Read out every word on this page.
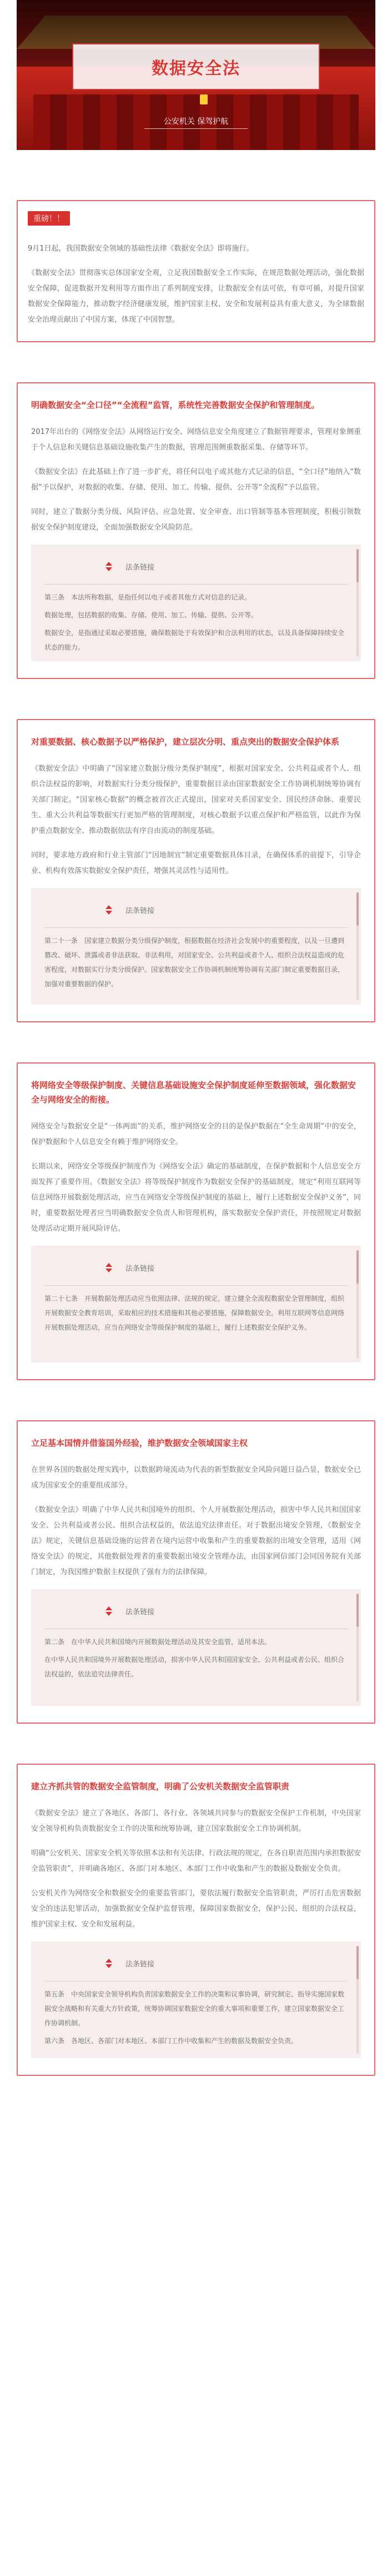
数据安全法
公安机关 保驾护航
重磅！！

9月1日起，我国数据安全领域的基础性法律《数据安全法》即将施行。

《数据安全法》贯彻落实总体国家安全观，立足我国数据安全工作实际，在规范数据处理活动，强化数据安全保障，促进数据开发利用等方面作出了系列制度安排，让数据安全有法可依，有章可循，对提升国家数据安全保障能力，推动数字经济健康发展，维护国家主权、安全和发展利益具有重大意义，为全球数据安全治理贡献出了中国方案，体现了中国智慧。

明确数据安全“全口径”“全流程”监管，系统性完善数据安全保护和管理制度。

2017年出台的《网络安全法》从网络运行安全、网络信息安全角度建立了数据管理要求，管理对象侧重于个人信息和关键信息基础设施收集产生的数据，管理范围侧重数据采集、存储等环节。

《数据安全法》在此基础上作了进一步扩充，将任何以电子或其他方式记录的信息，“全口径”地纳入“数据”予以保护，对数据的收集、存储、使用、加工、传输、提供、公开等“全流程”予以监管。

同时，建立了数据分类分级、风险评估、应急处置、安全审查、出口管制等基本管理制度，积极引领数据安全保护制度建设，全面加强数据安全风险防范。

法条链接

第三条　本法所称数据，是指任何以电子或者其他方式对信息的记录。

数据处理，包括数据的收集、存储、使用、加工、传输、提供、公开等。

数据安全，是指通过采取必要措施，确保数据处于有效保护和合法利用的状态，以及具备保障持续安全状态的能力。

对重要数据、核心数据予以严格保护，建立层次分明、重点突出的数据安全保护体系

《数据安全法》中明确了“国家建立数据分级分类保护制度”，根据对国家安全、公共利益或者个人、组织合法权益的影响，对数据实行分类分级保护，重要数据目录由国家数据安全工作协调机制统筹协调有关部门制定。“国家核心数据”的概念被首次正式提出，国家对关系国家安全、国民经济命脉、重要民生、重大公共利益等数据实行更加严格的管理制度，对核心数据予以重点保护和严格监管，以此作为保护重点数据安全、推动数据依法有序自由流动的制度基础。

同时，要求地方政府和行业主管部门“因地制宜”制定重要数据具体目录，在确保体系的前提下，引导企业、机构有效落实数据安全保护责任，增强其灵活性与适用性。

法条链接

第二十一条　国家建立数据分类分级保护制度，根据数据在经济社会发展中的重要程度，以及一旦遭到篡改、破坏、泄露或者非法获取、非法利用，对国家安全、公共利益或者个人、组织合法权益造成的危害程度，对数据实行分类分级保护。国家数据安全工作协调机制统筹协调有关部门制定重要数据目录，加强对重要数据的保护。

将网络安全等级保护制度、关键信息基础设施安全保护制度延伸至数据领域，强化数据安全与网络安全的衔接。

网络安全与数据安全是“一体两面”的关系，维护网络安全的目的是保护数据在“全生命周期”中的安全，保护数据和个人信息安全有赖于维护网络安全。

长期以来，网络安全等级保护制度作为《网络安全法》确定的基础制度，在保护数据和个人信息安全方面发挥了重要作用。《数据安全法》将等级保护制度作为数据安全保护的基础制度，规定“利用互联网等信息网络开展数据处理活动，应当在网络安全等级保护制度的基础上，履行上述数据安全保护义务”，同时，重要数据处理者应当明确数据安全负责人和管理机构，落实数据安全保护责任，并按照规定对数据处理活动定期开展风险评估。

法条链接

第二十七条　开展数据处理活动应当依照法律、法规的规定，建立健全全流程数据安全管理制度，组织开展数据安全教育培训，采取相应的技术措施和其他必要措施，保障数据安全。利用互联网等信息网络开展数据处理活动，应当在网络安全等级保护制度的基础上，履行上述数据安全保护义务。

立足基本国情并借鉴国外经验，维护数据安全领域国家主权

在世界各国的数据处理实践中，以数据跨境流动为代表的新型数据安全风险问题日益凸显，数据安全已成为国家安全的重要组成部分。

《数据安全法》明确了中华人民共和国境外的组织、个人开展数据处理活动，损害中华人民共和国国家安全、公共利益或者公民、组织合法权益的，依法追究法律责任。对于数据出境安全管理，《数据安全法》规定，关键信息基础设施的运营者在境内运营中收集和产生的重要数据的出境安全管理，适用《网络安全法》的规定，其他数据处理者的重要数据出境安全管理办法，由国家网信部门会同国务院有关部门制定，为我国维护数据主权提供了强有力的法律保障。

法条链接

第二条　在中华人民共和国境内开展数据处理活动及其安全监管，适用本法。

在中华人民共和国境外开展数据处理活动，损害中华人民共和国国家安全、公共利益或者公民、组织合法权益的，依法追究法律责任。

建立齐抓共管的数据安全监管制度，明确了公安机关数据安全监管职责

《数据安全法》建立了各地区、各部门、各行业、各领域共同参与的数据安全保护工作机制，中央国家安全领导机构负责数据安全工作的决策和统筹协调，建立国家数据安全工作协调机制。

明确“公安机关、国家安全机关等依照本法和有关法律、行政法规的规定，在各自职责范围内承担数据安全监管职责”，并明确各地区、各部门对本地区、本部门工作中收集和产生的数据及数据安全负责。

公安机关作为网络安全和数据安全的重要监管部门，要依法履行数据安全监管职责，严厉打击危害数据安全的违法犯罪活动，加强数据安全保护监督管理，保障国家数据安全，保护公民、组织的合法权益，维护国家主权、安全和发展利益。

法条链接

第五条　中央国家安全领导机构负责国家数据安全工作的决策和议事协调，研究制定、指导实施国家数据安全战略和有关重大方针政策，统筹协调国家数据安全的重大事项和重要工作，建立国家数据安全工作协调机制。

第六条　各地区、各部门对本地区、本部门工作中收集和产生的数据及数据安全负责。
